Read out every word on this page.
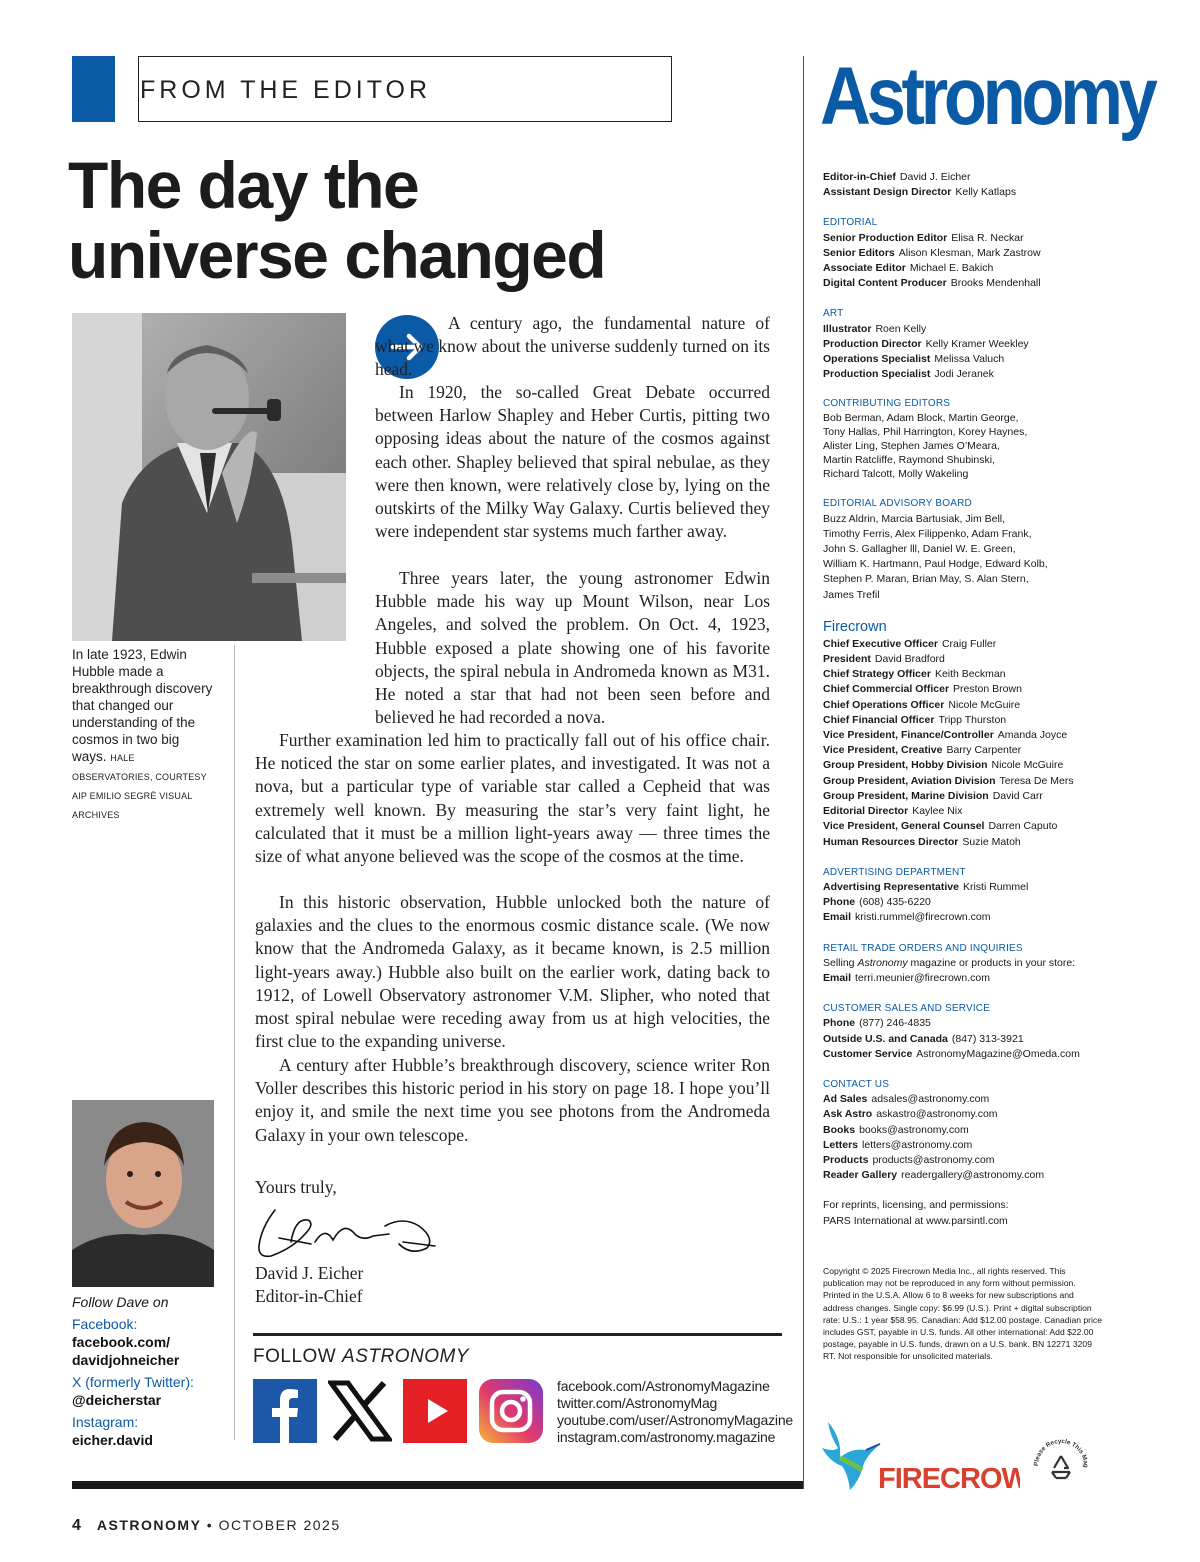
FROM THE EDITOR
The day the
universe changed
In late 1923, Edwin Hubble made a breakthrough discovery that changed our understanding of the cosmos in two big ways. HALE OBSERVATORIES, COURTESY AIP EMILIO SEGRÈ VISUAL ARCHIVES
A century ago, the fundamental nature of what we know about the universe suddenly turned on its head.
In 1920, the so-called Great Debate occurred between Harlow Shapley and Heber Curtis, pitting two opposing ideas about the nature of the cosmos against each other. Shapley believed that spiral nebulae, as they were then known, were relatively close by, lying on the outskirts of the Milky Way Galaxy. Curtis believed they were independent star systems much farther away.
Three years later, the young astronomer Edwin Hubble made his way up Mount Wilson, near Los Angeles, and solved the problem. On Oct. 4, 1923, Hubble exposed a plate showing one of his favorite objects, the spiral nebula in Andromeda known as M31. He noted a star that had not been seen before and believed he had recorded a nova.
Further examination led him to practically fall out of his office chair. He noticed the star on some earlier plates, and investigated. It was not a nova, but a particular type of variable star called a Cepheid that was extremely well known. By measuring the star’s very faint light, he calculated that it must be a million light-years away — three times the size of what anyone believed was the scope of the cosmos at the time.
In this historic observation, Hubble unlocked both the nature of galaxies and the clues to the enormous cosmic distance scale. (We now know that the Andromeda Galaxy, as it became known, is 2.5 million light-years away.) Hubble also built on the earlier work, dating back to 1912, of Lowell Observatory astronomer V.M. Slipher, who noted that most spiral nebulae were receding away from us at high velocities, the first clue to the expanding universe.
A century after Hubble’s breakthrough discovery, science writer Ron Voller describes this historic period in his story on page 18. I hope you’ll enjoy it, and smile the next time you see photons from the Andromeda Galaxy in your own telescope.
Yours truly,
David J. Eicher
Editor-in-Chief
Follow Dave on
Facebook:
facebook.com/
davidjohneicher
X (formerly Twitter):
@deicherstar
Instagram:
eicher.david
FOLLOW ASTRONOMY
facebook.com/AstronomyMagazine
twitter.com/AstronomyMag
youtube.com/user/AstronomyMagazine
instagram.com/astronomy.magazine
4 ASTRONOMY • OCTOBER 2025
Astronomy
Editor-in-Chief David J. Eicher
Assistant Design Director Kelly Katlaps
EDITORIAL
Senior Production Editor Elisa R. Neckar
Senior Editors Alison Klesman, Mark Zastrow
Associate Editor Michael E. Bakich
Digital Content Producer Brooks Mendenhall
ART
Illustrator Roen Kelly
Production Director Kelly Kramer Weekley
Operations Specialist Melissa Valuch
Production Specialist Jodi Jeranek
CONTRIBUTING EDITORS
Bob Berman, Adam Block, Martin George,
Tony Hallas, Phil Harrington, Korey Haynes,
Alister Ling, Stephen James O’Meara,
Martin Ratcliffe, Raymond Shubinski,
Richard Talcott, Molly Wakeling
EDITORIAL ADVISORY BOARD
Buzz Aldrin, Marcia Bartusiak, Jim Bell,
Timothy Ferris, Alex Filippenko, Adam Frank,
John S. Gallagher lll, Daniel W. E. Green,
William K. Hartmann, Paul Hodge, Edward Kolb,
Stephen P. Maran, Brian May, S. Alan Stern,
James Trefil
Firecrown
Chief Executive Officer Craig Fuller
President David Bradford
Chief Strategy Officer Keith Beckman
Chief Commercial Officer Preston Brown
Chief Operations Officer Nicole McGuire
Chief Financial Officer Tripp Thurston
Vice President, Finance/Controller Amanda Joyce
Vice President, Creative Barry Carpenter
Group President, Hobby Division Nicole McGuire
Group President, Aviation Division Teresa De Mers
Group President, Marine Division David Carr
Editorial Director Kaylee Nix
Vice President, General Counsel Darren Caputo
Human Resources Director Suzie Matoh
ADVERTISING DEPARTMENT
Advertising Representative Kristi Rummel
Phone (608) 435-6220
Email kristi.rummel@firecrown.com
RETAIL TRADE ORDERS AND INQUIRIES
Selling Astronomy magazine or products in your store:
Email terri.meunier@firecrown.com
CUSTOMER SALES AND SERVICE
Phone (877) 246-4835
Outside U.S. and Canada (847) 313-3921
Customer Service AstronomyMagazine@Omeda.com
CONTACT US
Ad Sales adsales@astronomy.com
Ask Astro askastro@astronomy.com
Books books@astronomy.com
Letters letters@astronomy.com
Products products@astronomy.com
Reader Gallery readergallery@astronomy.com
For reprints, licensing, and permissions:
PARS International at www.parsintl.com
Copyright © 2025 Firecrown Media Inc., all rights reserved. This publication may not be reproduced in any form without permission. Printed in the U.S.A. Allow 6 to 8 weeks for new subscriptions and address changes. Single copy: $6.99 (U.S.). Print + digital subscription rate: U.S.: 1 year $58.95. Canadian: Add $12.00 postage. Canadian price includes GST, payable in U.S. funds. All other international: Add $22.00 postage, payable in U.S. funds, drawn on a U.S. bank. BN 12271 3209 RT. Not responsible for unsolicited materials.
FIRECROW Please Recycle This Mag
